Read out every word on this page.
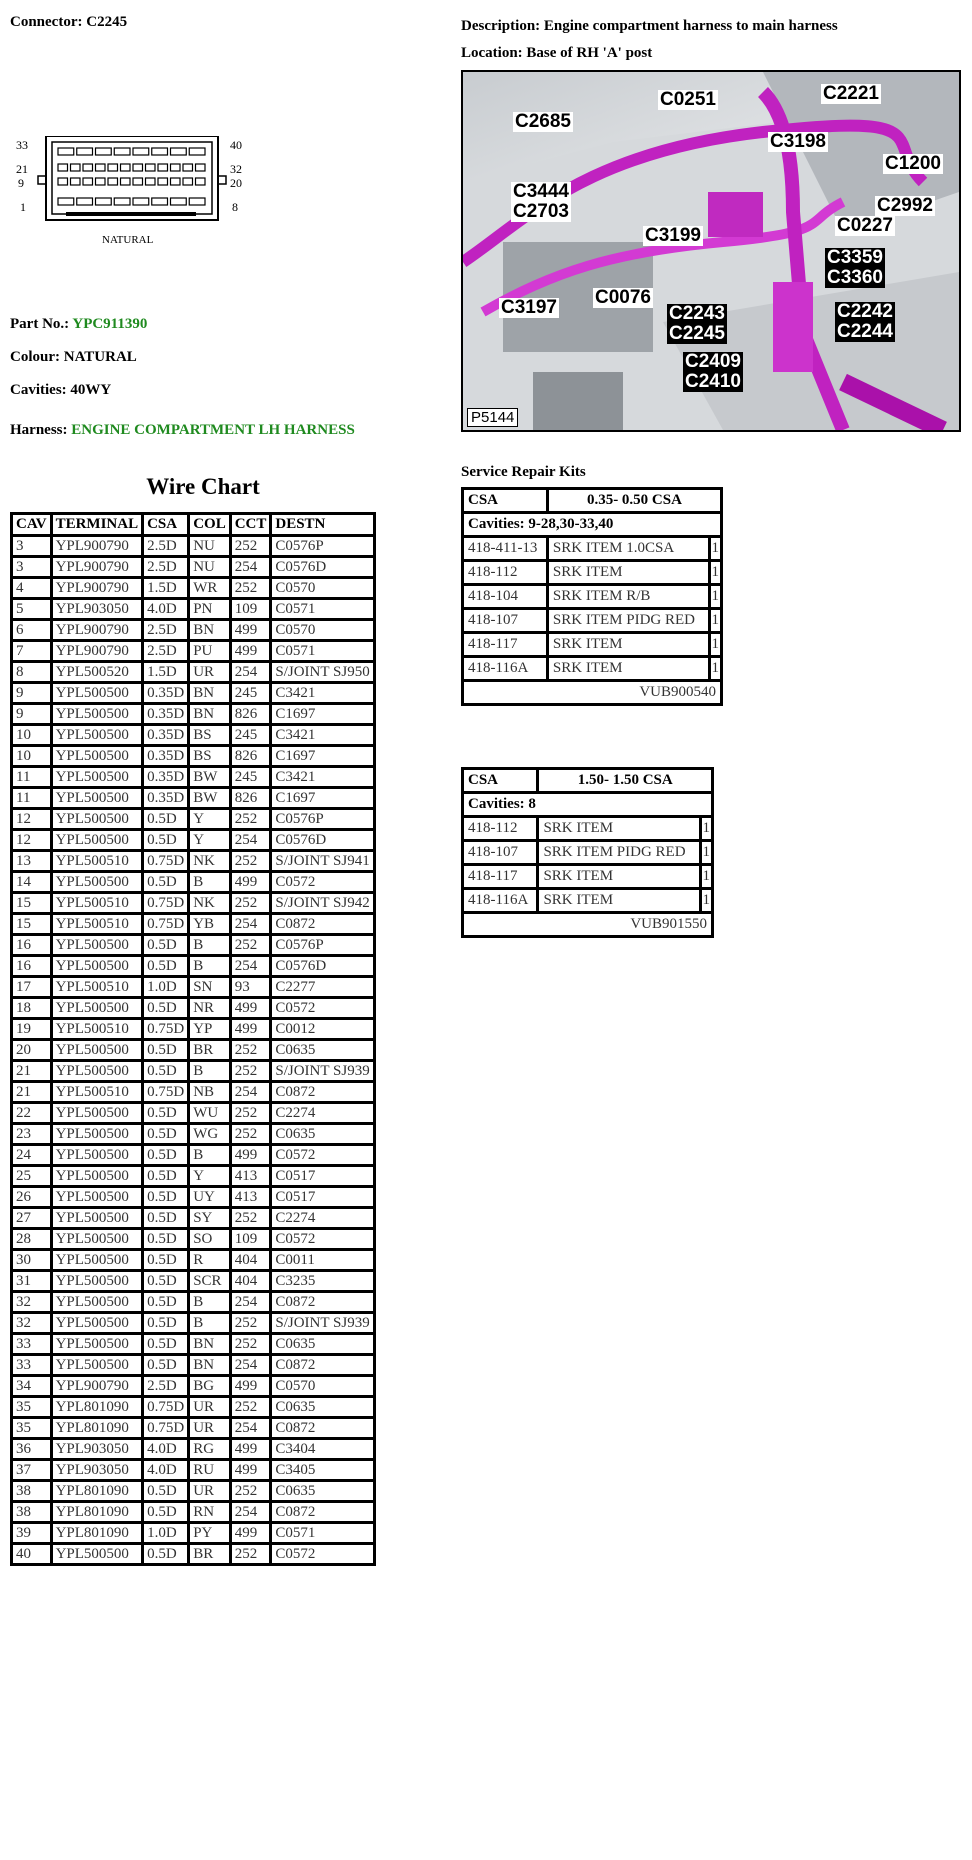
Connector: C2245
33	40
21
9
32
20
1	8
NATURAL
Part No.: YPC911390
Colour: NATURAL
Cavities: 40WY
Harness: ENGINE COMPARTMENT LH HARNESS
Description: Engine compartment harness to main harness
Location: Base of RH 'A' post
C2221
C0251
C2685
C3198
C1200
C3444
C2703	C2992
C0227
C3199
C3359
C3360
C3197 C0076
C2243
C2245
C2242
C2244
C2409
C2410
P5144
Wire Chart
CAV	TERMINAL	CSA	COL	CCT	DESTN
3	YPL900790	2.5D	NU	252	C0576P
3	YPL900790	2.5D	NU	254	C0576D
4	YPL900790	1.5D	WR	252	C0570
5	YPL903050	4.0D	PN	109	C0571
6	YPL900790	2.5D	BN	499	C0570
7	YPL900790	2.5D	PU	499	C0571
8	YPL500520	1.5D	UR	254	S/JOINT SJ950
9	YPL500500	0.35D	BN	245	C3421
9	YPL500500	0.35D	BN	826	C1697
10	YPL500500	0.35D	BS	245	C3421
10	YPL500500	0.35D	BS	826	C1697
11	YPL500500	0.35D	BW	245	C3421
11	YPL500500	0.35D	BW	826	C1697
12	YPL500500	0.5D	Y	252	C0576P
12	YPL500500	0.5D	Y	254	C0576D
13	YPL500510	0.75D	NK	252	S/JOINT SJ941
14	YPL500500	0.5D	B	499	C0572
15	YPL500510	0.75D	NK	252	S/JOINT SJ942
15	YPL500510	0.75D	YB	254	C0872
16	YPL500500	0.5D	B	252	C0576P
16	YPL500500	0.5D	B	254	C0576D
17	YPL500510	1.0D	SN	93	C2277
18	YPL500500	0.5D	NR	499	C0572
19	YPL500510	0.75D	YP	499	C0012
20	YPL500500	0.5D	BR	252	C0635
21	YPL500500	0.5D	B	252	S/JOINT SJ939
21	YPL500510	0.75D	NB	254	C0872
22	YPL500500	0.5D	WU	252	C2274
23	YPL500500	0.5D	WG	252	C0635
24	YPL500500	0.5D	B	499	C0572
25	YPL500500	0.5D	Y	413	C0517
26	YPL500500	0.5D	UY	413	C0517
27	YPL500500	0.5D	SY	252	C2274
28	YPL500500	0.5D	SO	109	C0572
30	YPL500500	0.5D	R	404	C0011
31	YPL500500	0.5D	SCR	404	C3235
32	YPL500500	0.5D	B	254	C0872
32	YPL500500	0.5D	B	252	S/JOINT SJ939
33	YPL500500	0.5D	BN	252	C0635
33	YPL500500	0.5D	BN	254	C0872
34	YPL900790	2.5D	BG	499	C0570
35	YPL801090	0.75D	UR	252	C0635
35	YPL801090	0.75D	UR	254	C0872
36	YPL903050	4.0D	RG	499	C3404
37	YPL903050	4.0D	RU	499	C3405
38	YPL801090	0.5D	UR	252	C0635
38	YPL801090	0.5D	RN	254	C0872
39	YPL801090	1.0D	PY	499	C0571
40	YPL500500	0.5D	BR	252	C0572
Service Repair Kits
CSA	0.35- 0.50 CSA	
Cavities: 9-28,30-33,40		
418-411-13	SRK ITEM 1.0CSA	1
418-112	SRK ITEM	1
418-104	SRK ITEM R/B	1
418-107	SRK ITEM PIDG RED	1
418-117	SRK ITEM	1
418-116A	SRK ITEM	1
VUB900540		
CSA	1.50- 1.50 CSA	
Cavities: 8		
418-112	SRK ITEM	1
418-107	SRK ITEM PIDG RED	1
418-117	SRK ITEM	1
418-116A	SRK ITEM	1
VUB901550		
